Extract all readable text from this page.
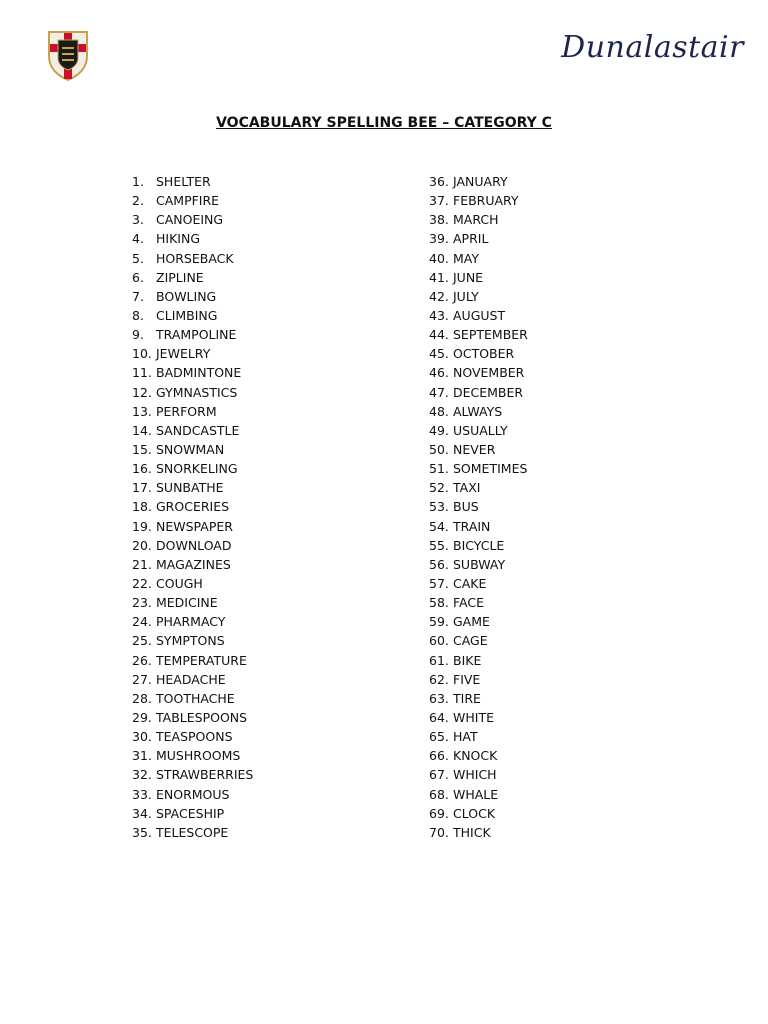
Dunalastair
VOCABULARY SPELLING BEE – CATEGORY C
1. SHELTER
2. CAMPFIRE
3. CANOEING
4. HIKING
5. HORSEBACK
6. ZIPLINE
7. BOWLING
8. CLIMBING
9. TRAMPOLINE
10. JEWELRY
11. BADMINTONE
12. GYMNASTICS
13. PERFORM
14. SANDCASTLE
15. SNOWMAN
16. SNORKELING
17. SUNBATHE
18. GROCERIES
19. NEWSPAPER
20. DOWNLOAD
21. MAGAZINES
22. COUGH
23. MEDICINE
24. PHARMACY
25. SYMPTONS
26. TEMPERATURE
27. HEADACHE
28. TOOTHACHE
29. TABLESPOONS
30. TEASPOONS
31. MUSHROOMS
32. STRAWBERRIES
33. ENORMOUS
34. SPACESHIP
35. TELESCOPE
36. JANUARY
37. FEBRUARY
38. MARCH
39. APRIL
40. MAY
41. JUNE
42. JULY
43. AUGUST
44. SEPTEMBER
45. OCTOBER
46. NOVEMBER
47. DECEMBER
48. ALWAYS
49. USUALLY
50. NEVER
51. SOMETIMES
52. TAXI
53. BUS
54. TRAIN
55. BICYCLE
56. SUBWAY
57. CAKE
58. FACE
59. GAME
60. CAGE
61. BIKE
62. FIVE
63. TIRE
64. WHITE
65. HAT
66. KNOCK
67. WHICH
68. WHALE
69. CLOCK
70. THICK
